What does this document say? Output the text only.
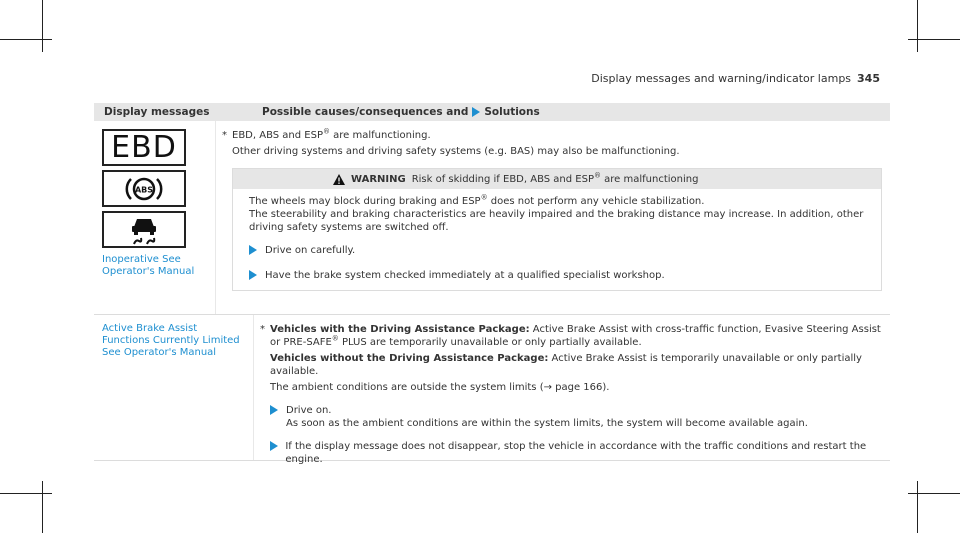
Display messages and warning/indicator lamps 345
Display messages	Possible causes/consequences and Solutions
EBD
ABS
Inoperative See Operator's Manual

* EBD, ABS and ESP® are malfunctioning.

Other driving systems and driving safety systems (e.g. BAS) may also be malfunctioning.

WARNING Risk of skidding if EBD, ABS and ESP® are malfunctioning

The wheels may block during braking and ESP® does not perform any vehicle stabilization.

The steerability and braking characteristics are heavily impaired and the braking distance may increase. In addition, other driving safety systems are switched off.

Drive on carefully.
Have the brake system checked immediately at a qualified specialist workshop.
Active Brake Assist Functions Currently Limited See Operator's Manual

* Vehicles with the Driving Assistance Package: Active Brake Assist with cross-traffic function, Evasive Steering Assist or PRE-SAFE® PLUS are temporarily unavailable or only partially available.

Vehicles without the Driving Assistance Package: Active Brake Assist is temporarily unavailable or only partially available.

The ambient conditions are outside the system limits (→ page 166).

Drive on.
As soon as the ambient conditions are within the system limits, the system will become available again.
If the display message does not disappear, stop the vehicle in accordance with the traffic conditions and restart the engine.
